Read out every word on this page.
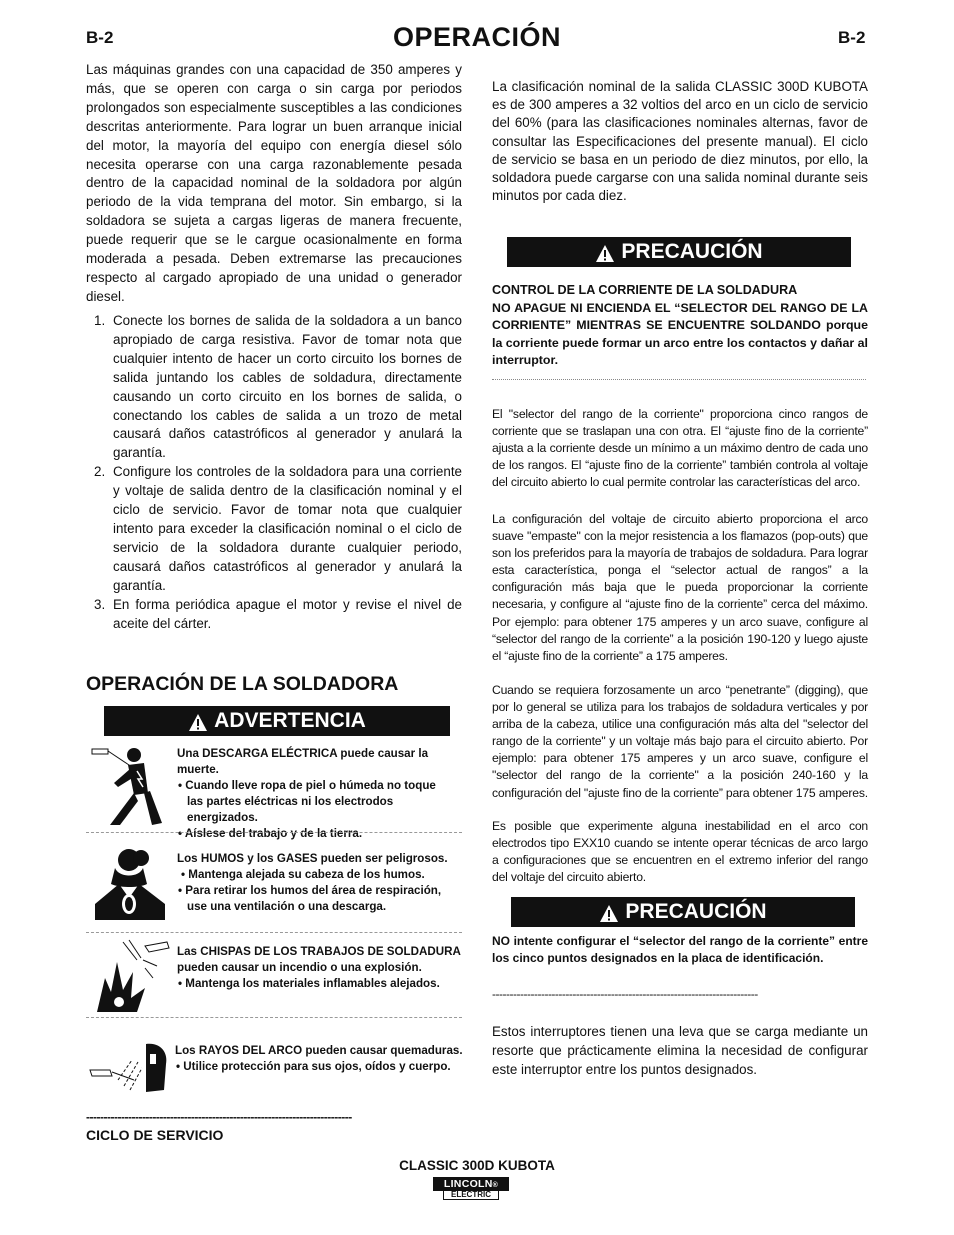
B-2	OPERACIÓN	B-2

Las máquinas grandes con una capacidad de 350 amperes y más, que se operen con carga o sin carga por periodos prolongados son especialmente susceptibles a las condiciones descritas anteriormente. Para lograr un buen arranque inicial del motor, la mayoría del equipo con energía diesel sólo necesita operarse con una carga razonablemente pesada dentro de la capacidad nominal de la soldadora por algún periodo de la vida temprana del motor. Sin embargo, si la soldadora se sujeta a cargas ligeras de manera frecuente, puede requerir que se le cargue ocasionalmente en forma moderada a pesada. Deben extremarse las precauciones respecto al cargado apropiado de una unidad o generador diesel.

1. Conecte los bornes de salida de la soldadora a un banco apropiado de carga resistiva. Favor de tomar nota que cualquier intento de hacer un corto circuito los bornes de salida juntando los cables de soldadura, directamente causando un corto circuito en los bornes de salida, o conectando los cables de salida a un trozo de metal causará daños catastróficos al generador y anulará la garantía.
2. Configure los controles de la soldadora para una corriente y voltaje de salida dentro de la clasificación nominal y el ciclo de servicio. Favor de tomar nota que cualquier intento para exceder la clasificación nominal o el ciclo de servicio de la soldadora durante cualquier periodo, causará daños catastróficos al generador y anulará la garantía.
3. En forma periódica apague el motor y revise el nivel de aceite del cárter.
OPERACIÓN DE LA SOLDADORA
ADVERTENCIA
Una DESCARGA ELÉCTRICA puede causar la muerte.
• Cuando lleve ropa de piel o húmeda no toque las partes eléctricas ni los electrodos energizados.
• Aíslese del trabajo y de la tierra.
Los HUMOS y los GASES pueden ser peligrosos.
• Mantenga alejada su cabeza de los humos.
• Para retirar los humos del área de respiración, use una ventilación o una descarga.
Las CHISPAS DE LOS TRABAJOS DE SOLDADURA pueden causar un incendio o una explosión.
• Mantenga los materiales inflamables alejados.
Los RAYOS DEL ARCO pueden causar quemaduras.
• Utilice protección para sus ojos, oídos y cuerpo.
----------------------------------------------------------------------------
CICLO DE SERVICIO

La clasificación nominal de la salida CLASSIC 300D KUBOTA es de 300 amperes a 32 voltios del arco en un ciclo de servicio del 60% (para las clasificaciones nominales alternas, favor de consultar las Especificaciones del presente manual). El ciclo de servicio se basa en un periodo de diez minutos, por ello, la soldadora puede cargarse con una salida nominal durante seis minutos por cada diez.

PRECAUCIÓN
CONTROL DE LA CORRIENTE DE LA SOLDADURA
NO APAGUE NI ENCIENDA EL “SELECTOR DEL RANGO DE LA CORRIENTE” MIENTRAS SE ENCUENTRE SOLDANDO porque la corriente puede formar un arco entre los contactos y dañar al interruptor.
El "selector del rango de la corriente" proporciona cinco rangos de corriente que se traslapan una con otra. El “ajuste fino de la corriente” ajusta a la corriente desde un mínimo a un máximo dentro de cada uno de los rangos. El “ajuste fino de la corriente” también controla al voltaje del circuito abierto lo cual permite controlar las características del arco.
La configuración del voltaje de circuito abierto proporciona el arco suave "empaste" con la mejor resistencia a los flamazos (pop-outs) que son los preferidos para la mayoría de trabajos de soldadura. Para lograr esta característica, ponga el “selector actual de rangos” a la configuración más baja que le pueda proporcionar la corriente necesaria, y configure al “ajuste fino de la corriente” cerca del máximo. Por ejemplo: para obtener 175 amperes y un arco suave, configure al “selector del rango de la corriente” a la posición 190-120 y luego ajuste el “ajuste fino de la corriente” a 175 amperes.
Cuando se requiera forzosamente un arco “penetrante” (digging), que por lo general se utiliza para los trabajos de soldadura verticales y por arriba de la cabeza, utilice una configuración más alta del "selector del rango de la corriente" y un voltaje más bajo para el circuito abierto. Por ejemplo: para obtener 175 amperes y un arco suave, configure el "selector del rango de la corriente" a la posición 240-160 y la configuración del "ajuste fino de la corriente” para obtener 175 amperes.
Es posible que experimente alguna inestabilidad en el arco con electrodos tipo EXX10 cuando se intente operar técnicas de arco largo a configuraciones que se encuentren en el extremo inferior del rango del voltaje del circuito abierto.
PRECAUCIÓN
NO intente configurar el “selector del rango de la corriente” entre los cinco puntos designados en la placa de identificación.
----------------------------------------------------------------------------

Estos interruptores tienen una leva que se carga mediante un resorte que prácticamente elimina la necesidad de configurar este interruptor entre los puntos designados.

CLASSIC 300D KUBOTA
LINCOLN®
ELECTRIC
